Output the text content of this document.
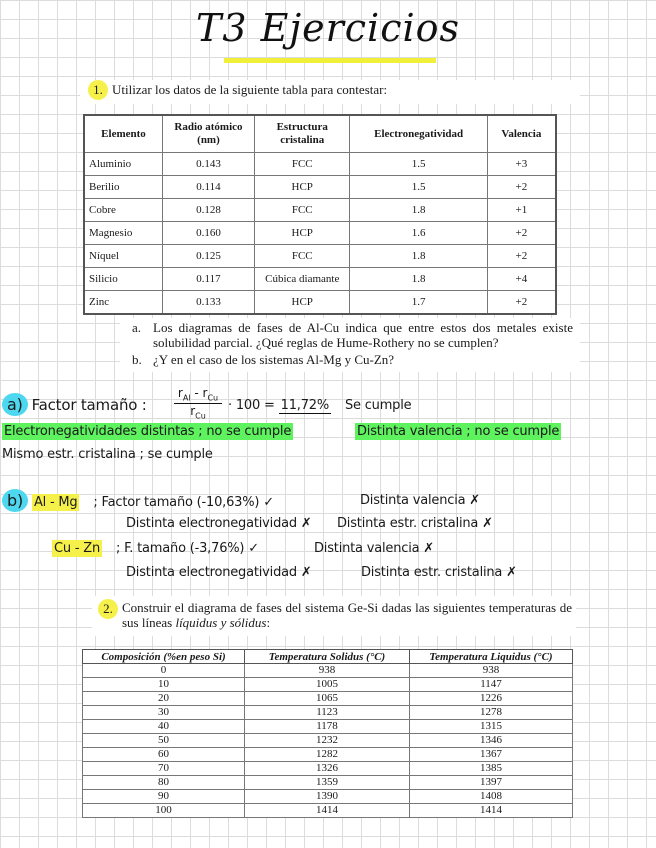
T3 Ejercicios
1. Utilizar los datos de la siguiente tabla para contestar:
Elemento	Radio atómico (nm)	Estructura cristalina	Electronegatividad	Valencia
Aluminio	0.143	FCC	1.5	+3
Berilio	0.114	HCP	1.5	+2
Cobre	0.128	FCC	1.8	+1
Magnesio	0.160	HCP	1.6	+2
Níquel	0.125	FCC	1.8	+2
Silicio	0.117	Cúbica diamante	1.8	+4
Zinc	0.133	HCP	1.7	+2
a. Los diagramas de fases de Al-Cu indica que entre estos dos metales existe solubilidad parcial. ¿Qué reglas de Hume-Rothery no se cumplen?
b. ¿Y en el caso de los sistemas Al-Mg y Cu-Zn?
a) Factor tamaño :
$r_{Al} - r_{Cu}$
$r_{Cu}$
· 100 = 11,72% Se cumple
Electronegatividades distintas ; no se cumple	Distinta valencia ; no se cumple
Mismo estr. cristalina ; se cumple
b) Al - Mg ; Factor tamaño (-10,63%) ✓	Distinta valencia ✗
Distinta electronegatividad ✗ Distinta estr. cristalina ✗
Cu - Zn ; F. tamaño (-3,76%) ✓	Distinta valencia ✗
Distinta electronegatividad ✗	Distinta estr. cristalina ✗
2. Construir el diagrama de fases del sistema Ge-Si dadas las siguientes temperaturas de sus líneas líquidus y sólidus:
Composición (%en peso Si)	Temperatura Solidus (°C)	Temperatura Liquidus (°C)
0	938	938
10	1005	1147
20	1065	1226
30	1123	1278
40	1178	1315
50	1232	1346
60	1282	1367
70	1326	1385
80	1359	1397
90	1390	1408
100	1414	1414
